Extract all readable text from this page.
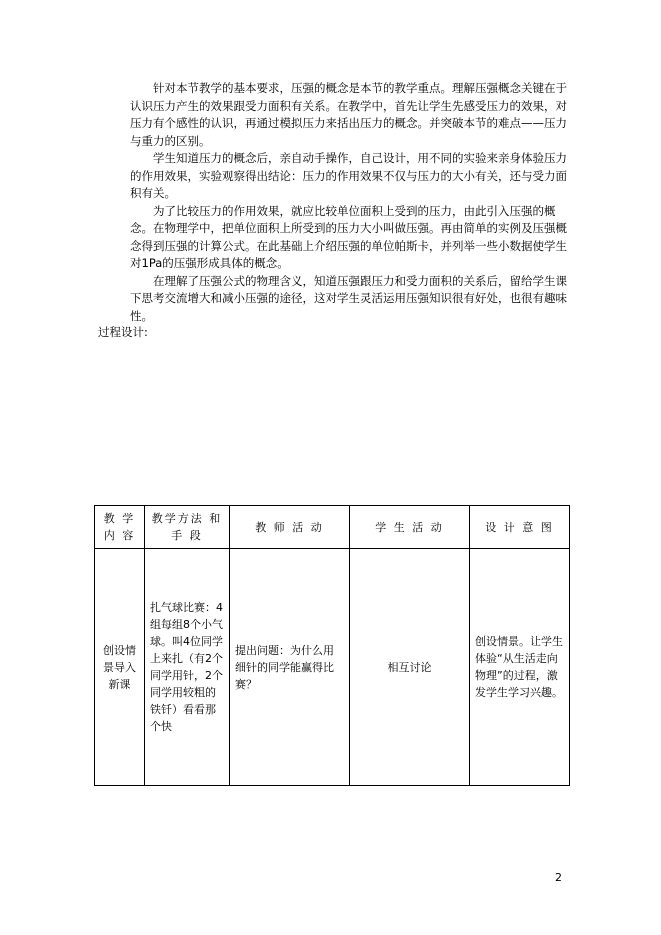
针对本节教学的基本要求，压强的概念是本节的教学重点。理解压强概念关键在于认识压力产生的效果跟受力面积有关系。在教学中，首先让学生先感受压力的效果，对压力有个感性的认识，再通过模拟压力来括出压力的概念。并突破本节的难点——压力与重力的区别。

学生知道压力的概念后，亲自动手操作，自己设计，用不同的实验来亲身体验压力的作用效果，实验观察得出结论：压力的作用效果不仅与压力的大小有关，还与受力面积有关。

为了比较压力的作用效果，就应比较单位面积上受到的压力，由此引入压强的概念。在物理学中，把单位面积上所受到的压力大小叫做压强。再由简单的实例及压强概念得到压强的计算公式。在此基础上介绍压强的单位帕斯卡，并列举一些小数据使学生对1Pa的压强形成具体的概念。

在理解了压强公式的物理含义，知道压强跟压力和受力面积的关系后，留给学生课下思考交流增大和减小压强的途径，这对学生灵活运用压强知识很有好处，也很有趣味性。

过程设计:
教 学 内 容	教学方法 和 手 段	教 师 活 动	学 生 活 动	设 计 意 图
创设情景导入新课	扎气球比赛：4组每组8个小气球。叫4位同学上来扎（有2个同学用针，2个同学用较粗的铁钎）看看那个快	提出问题：为什么用细针的同学能赢得比赛？	相互讨论	创设情景。让学生体验“从生活走向物理”的过程，激发学生学习兴趣。
2
